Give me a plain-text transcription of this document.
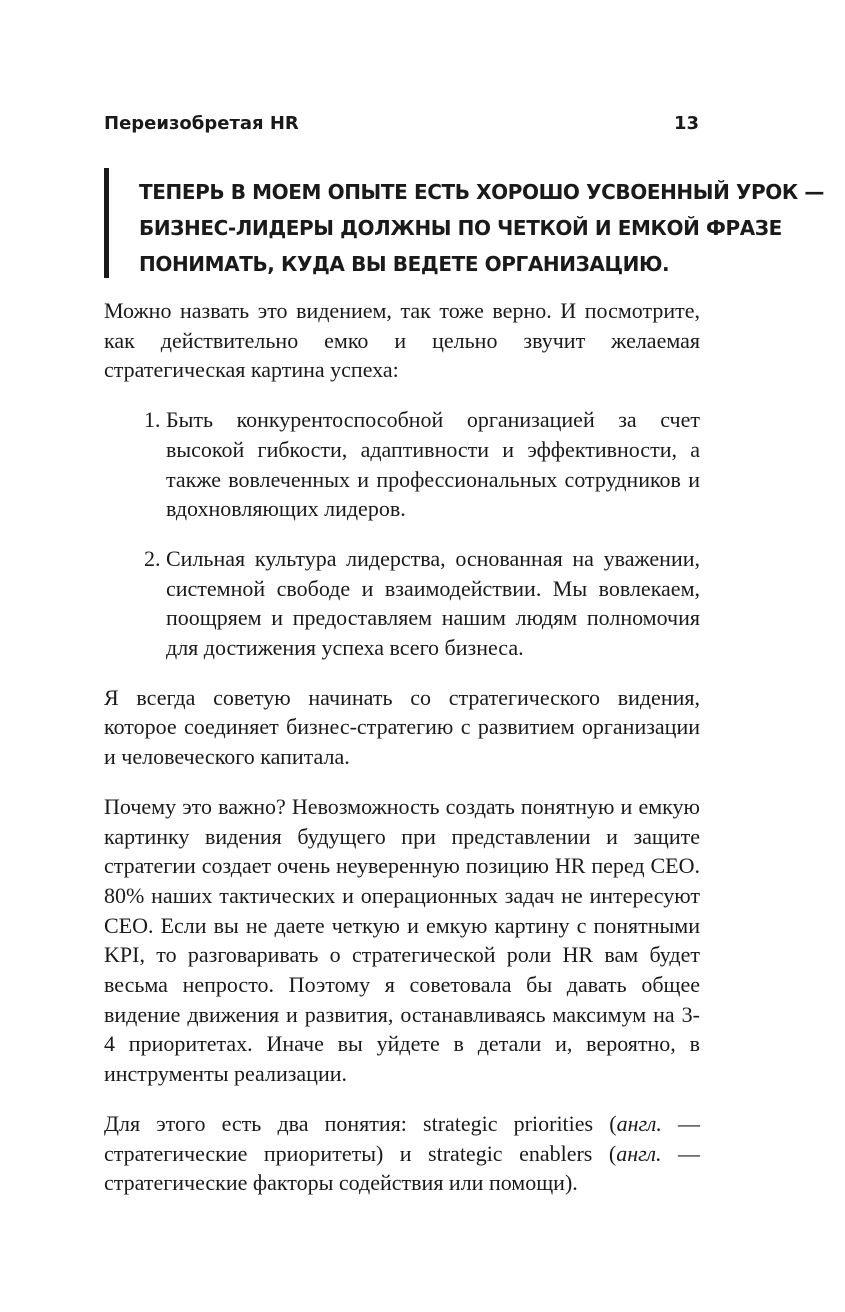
Переизобретая HR	13

ТЕПЕРЬ В МОЕМ ОПЫТЕ ЕСТЬ ХОРОШО УСВОЕННЫЙ УРОК —
БИЗНЕС-ЛИДЕРЫ ДОЛЖНЫ ПО ЧЕТКОЙ И ЕМКОЙ ФРАЗЕ
ПОНИМАТЬ, КУДА ВЫ ВЕДЕТЕ ОРГАНИЗАЦИЮ.

Можно назвать это видением, так тоже верно. И посмотрите, как действительно емко и цельно звучит желаемая стратегическая картина успеха:

1. Быть конкурентоспособной организацией за счет высокой гибкости, адаптивности и эффективности, а также вовлеченных и профессиональных сотрудников и вдохновляющих лидеров.
2. Сильная культура лидерства, основанная на уважении, системной свободе и взаимодействии. Мы вовлекаем, поощряем и предоставляем нашим людям полномочия для достижения успеха всего бизнеса.

Я всегда советую начинать со стратегического видения, которое соединяет бизнес-стратегию с развитием организации и человеческого капитала.

Почему это важно? Невозможность создать понятную и емкую картинку видения будущего при представлении и защите стратегии создает очень неуверенную позицию HR перед CEO. 80% наших тактических и операционных задач не интересуют CEO. Если вы не даете четкую и емкую картину с понятными KPI, то разговаривать о стратегической роли HR вам будет весьма непросто. Поэтому я советовала бы давать общее видение движения и развития, останавливаясь максимум на 3-4 приоритетах. Иначе вы уйдете в детали и, вероятно, в инструменты реализации.

Для этого есть два понятия: strategic priorities (англ. — стратегические приоритеты) и strategic enablers (англ. — стратегические факторы содействия или помощи).
